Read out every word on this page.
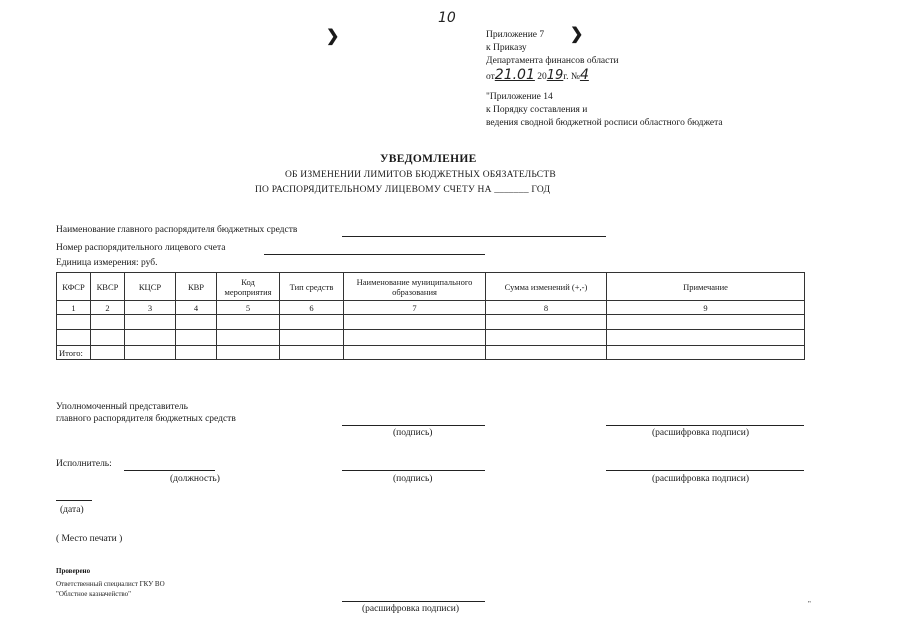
10
❯	❯
Приложение 7
к Приказу
Департамента финансов области
от21.01 2019г. №4
"Приложение 14
к Порядку составления и
ведения сводной бюджетной росписи областного бюджета
УВЕДОМЛЕНИЕ
ОБ ИЗМЕНЕНИИ ЛИМИТОВ БЮДЖЕТНЫХ ОБЯЗАТЕЛЬСТВ
ПО РАСПОРЯДИТЕЛЬНОМУ ЛИЦЕВОМУ СЧЕТУ НА _______ ГОД
Наименование главного распорядителя бюджетных средств
Номер распорядительного лицевого счета
Единица измерения: руб.
КФСР	КВСР	КЦСР	КВР	Код мероприятия	Тип средств	Наименование муниципального образования	Сумма изменений (+,-)	Примечание
1	2	3	4	5	6	7	8	9

Итого:								
Уполномоченный представитель
главного распорядителя бюджетных средств
(подпись)	(расшифровка подписи)
Исполнитель:
(должность)	(подпись)	(расшифровка подписи)
(дата)
( Место печати )
Проверено
Ответственный специалист ГКУ ВО
"Облстное казначейство"
(расшифровка подписи)	"
